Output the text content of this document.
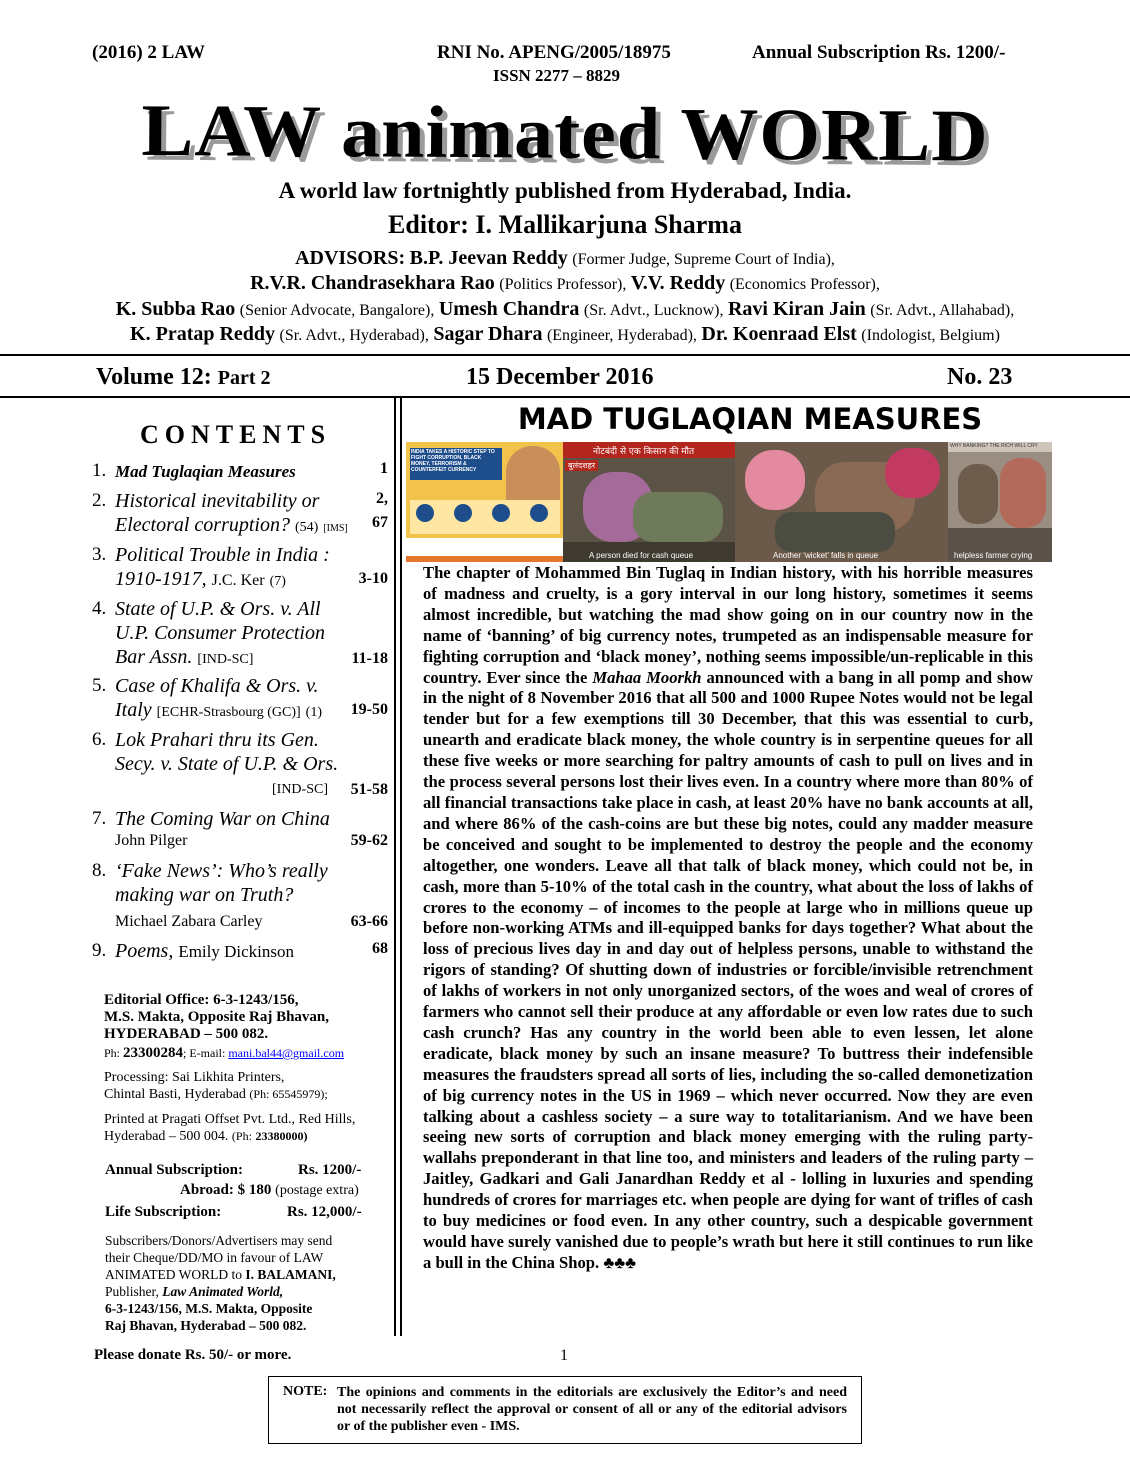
(2016) 2 LAW	RNI No. APENG/2005/18975
ISSN 2277 – 8829
Annual Subscription Rs. 1200/-
LAW animated WORLD
A world law fortnightly published from Hyderabad, India.
Editor: I. Mallikarjuna Sharma
ADVISORS: B.P. Jeevan Reddy (Former Judge, Supreme Court of India),
R.V.R. Chandrasekhara Rao (Politics Professor), V.V. Reddy (Economics Professor),
K. Subba Rao (Senior Advocate, Bangalore), Umesh Chandra (Sr. Advt., Lucknow), Ravi Kiran Jain (Sr. Advt., Allahabad),
K. Pratap Reddy (Sr. Advt., Hyderabad), Sagar Dhara (Engineer, Hyderabad), Dr. Koenraad Elst (Indologist, Belgium)
Volume 12: Part 2	15 December 2016	No. 23
CONTENTS
1. Mad Tuglaqian Measures	1
2. Historical inevitability or	2,
Electoral corruption? (54) [IMS] 67
3. Political Trouble in India :
1910-1917, J.C. Ker (7)	3-10
4. State of U.P. & Ors. v. All
U.P. Consumer Protection
Bar Assn. [IND-SC]	11-18
5. Case of Khalifa & Ors. v.
Italy [ECHR-Strasbourg (GC)] (1) 19-50
6. Lok Prahari thru its Gen.
Secy. v. State of U.P. & Ors.
[IND-SC] 51-58
7. The Coming War on China
John Pilger	59-62
8. ‘Fake News’: Who’s really
making war on Truth?
Michael Zabara Carley	63-66
9. Poems, Emily Dickinson	68
Editorial Office: 6-3-1243/156,
M.S. Makta, Opposite Raj Bhavan,
HYDERABAD – 500 082.
Ph: 23300284; E-mail: mani.bal44@gmail.com
Processing: Sai Likhita Printers,
Chintal Basti, Hyderabad (Ph: 65545979);
Printed at Pragati Offset Pvt. Ltd., Red Hills,
Hyderabad – 500 004. (Ph: 23380000)
Annual Subscription:	Rs. 1200/-
Abroad: $ 180 (postage extra)
Life Subscription:	Rs. 12,000/-
Subscribers/Donors/Advertisers may send
their Cheque/DD/MO in favour of LAW
ANIMATED WORLD to I. BALAMANI,
Publisher, Law Animated World,
6-3-1243/156, M.S. Makta, Opposite
Raj Bhavan, Hyderabad – 500 082.
Please donate Rs. 50/- or more.	1
MAD TUGLAQIAN MEASURES
INDIA TAKES A HISTORIC STEP TO FIGHT CORRUPTION, BLACK MONEY, TERRORISM & COUNTERFEIT CURRENCY
नोटबंदी से एक किसान की मौत
बुलंदशहर
A person died for cash queue	Another ‘wicket’ falls in queue
WHY BANKING? THE RICH WILL CRY
helpless farmer crying

The chapter of Mohammed Bin Tuglaq in Indian history, with his horrible measures of madness and cruelty, is a gory interval in our long history, sometimes it seems almost incredible, but watching the mad show going on in our country now in the name of ‘banning’ of big currency notes, trumpeted as an indispensable measure for fighting corruption and ‘black money’, nothing seems impossible/un-replicable in this country. Ever since the Mahaa Moorkh announced with a bang in all pomp and show in the night of 8 November 2016 that all 500 and 1000 Rupee Notes would not be legal tender but for a few exemptions till 30 December, that this was essential to curb, unearth and eradicate black money, the whole country is in serpentine queues for all these five weeks or more searching for paltry amounts of cash to pull on lives and in the process several persons lost their lives even. In a country where more than 80% of all financial transactions take place in cash, at least 20% have no bank accounts at all, and where 86% of the cash-coins are but these big notes, could any madder measure be conceived and sought to be implemented to destroy the people and the economy altogether, one wonders. Leave all that talk of black money, which could not be, in cash, more than 5-10% of the total cash in the country, what about the loss of lakhs of crores to the economy – of incomes to the people at large who in millions queue up before non-working ATMs and ill-equipped banks for days together? What about the loss of precious lives day in and day out of helpless persons, unable to withstand the rigors of standing? Of shutting down of industries or forcible/invisible retrenchment of lakhs of workers in not only unorganized sectors, of the woes and weal of crores of farmers who cannot sell their produce at any affordable or even low rates due to such cash crunch? Has any country in the world been able to even lessen, let alone eradicate, black money by such an insane measure? To buttress their indefensible measures the fraudsters spread all sorts of lies, including the so-called demonetization of big currency notes in the US in 1969 – which never occurred. Now they are even talking about a cashless society – a sure way to totalitarianism. And we have been seeing new sorts of corruption and black money emerging with the ruling party-wallahs preponderant in that line too, and ministers and leaders of the ruling party – Jaitley, Gadkari and Gali Janardhan Reddy et al - lolling in luxuries and spending hundreds of crores for marriages etc. when people are dying for want of trifles of cash to buy medicines or food even. In any other country, such a despicable government would have surely vanished due to people’s wrath but here it still continues to run like a bull in the China Shop. ♣♣♣

NOTE: The opinions and comments in the editorials are exclusively the Editor’s and need not necessarily reflect the approval or consent of all or any of the editorial advisors or of the publisher even - IMS.
